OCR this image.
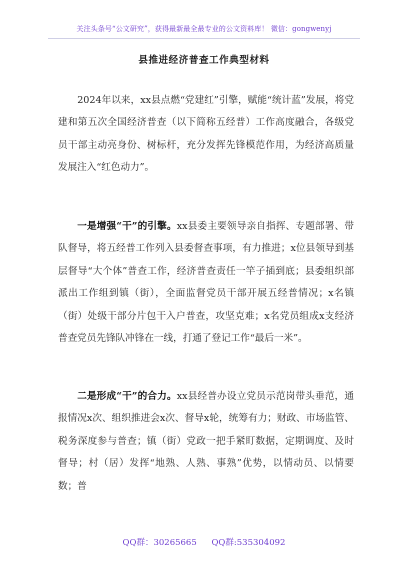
关注头条号“公文研究”，获得最新最全最专业的公文资料库！ 微信：gongwenyj
县推进经济普查工作典型材料

2024年以来，xx县点燃“党建红”引擎，赋能“统计蓝”发展，将党建和第五次全国经济普查（以下简称五经普）工作高度融合，各级党员干部主动亮身份、树标杆，充分发挥先锋模范作用，为经济高质量发展注入“红色动力”。

一是增强“干”的引擎。xx县委主要领导亲自指挥、专题部署、带队督导，将五经普工作列入县委督查事项，有力推进；x位县领导到基层督导“大个体”普查工作，经济普查责任一竿子插到底；县委组织部派出工作组到镇（街），全面监督党员干部开展五经普情况；x名镇（街）处级干部分片包干入户普查，攻坚克难；x名党员组成x支经济普查党员先锋队冲锋在一线，打通了登记工作“最后一米”。

二是形成“干”的合力。xx县经普办设立党员示范岗带头垂范，通报情况x次、组织推进会x次、督导x轮，统筹有力；财政、市场监管、税务深度参与普查；镇（街）党政一把手紧盯数据，定期调度、及时督导；村（居）发挥“地熟、人熟、事熟”优势，以情动员、以情要数；普

QQ群：30265665 QQ群:535304092
